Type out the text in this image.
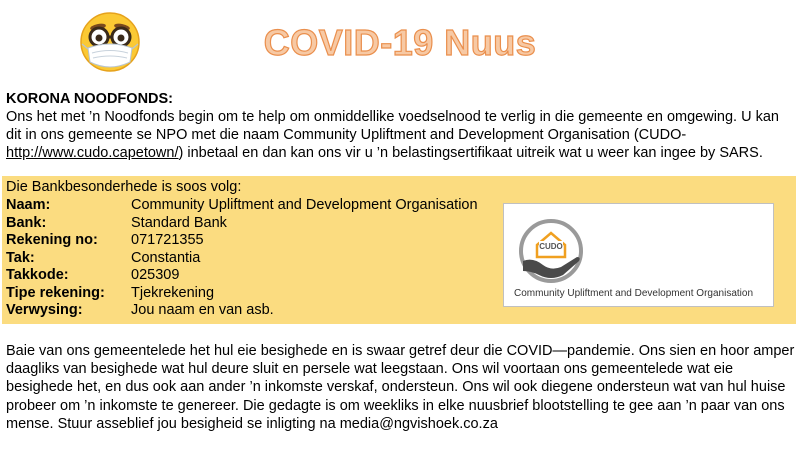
COVID-19 Nuus
KORONA NOODFONDS:
Ons het met ’n Noodfonds begin om te help om onmiddellike voedselnood te verlig in die gemeente en omgewing. U kan dit in ons gemeente se NPO met die naam Community Upliftment and Development Organisation (CUDO-http://www.cudo.capetown/) inbetaal en dan kan ons vir u ’n belastingsertifikaat uitreik wat u weer kan ingee by SARS.
Die Bankbesonderhede is soos volg:
Naam:	Community Upliftment and Development Organisation
Bank:	Standard Bank
Rekening no:	071721355
Tak:	Constantia
Takkode:	025309
Tipe rekening:	Tjekrekening
Verwysing:	Jou naam en van asb.
CUDO
Community Upliftment and Development Organisation
Baie van ons gemeentelede het hul eie besighede en is swaar getref deur die COVID—pandemie. Ons sien en hoor amper daagliks van besighede wat hul deure sluit en persele wat leegstaan. Ons wil voortaan ons gemeentelede wat eie besighede het, en dus ook aan ander ’n inkomste verskaf, ondersteun. Ons wil ook diegene ondersteun wat van hul huise probeer om ’n inkomste te genereer. Die gedagte is om weekliks in elke nuusbrief blootstelling te gee aan ’n paar van ons mense. Stuur asseblief jou besigheid se inligting na media@ngvishoek.co.za
